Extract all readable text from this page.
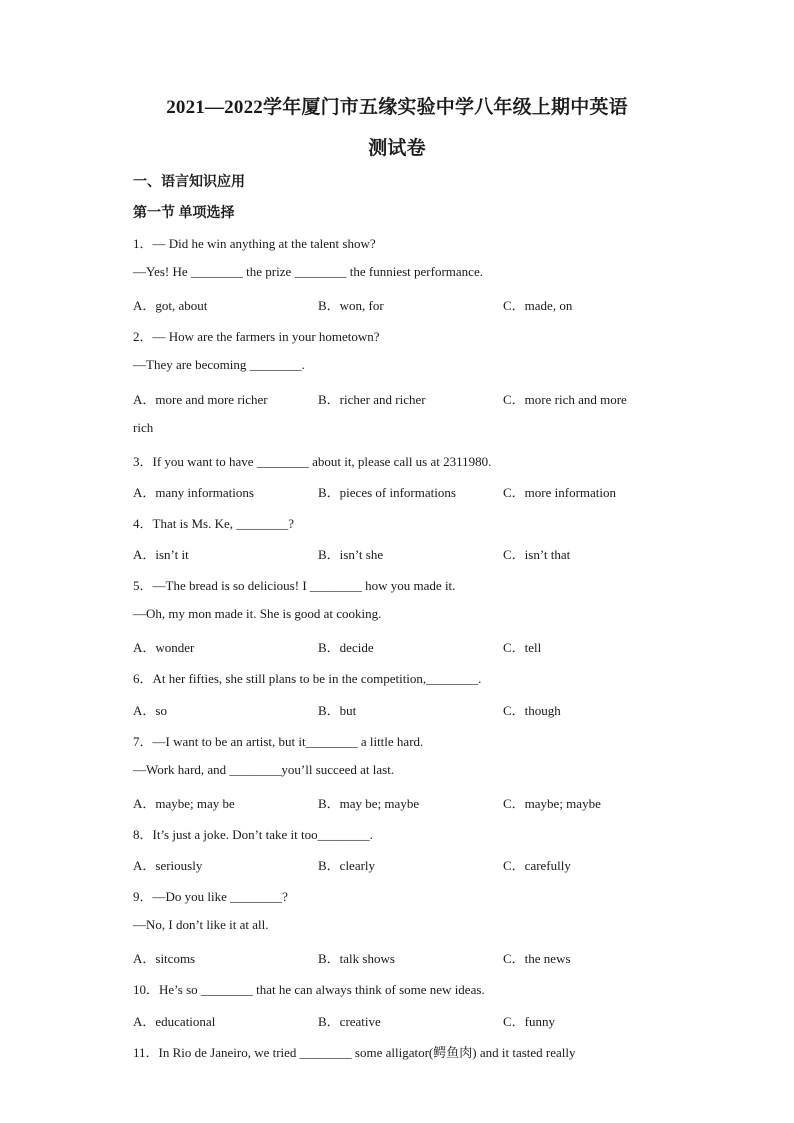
2021—2022学年厦门市五缘实验中学八年级上期中英语
测试卷
一、语言知识应用
第一节 单项选择
1．— Did he win anything at the talent show?
—Yes! He ________ the prize ________ the funniest performance.
A．got, about	B．won, for	C．made, on
2．— How are the farmers in your hometown?
—They are becoming ________.
A．more and more richer	B．richer and richer	C．more rich and more
rich
3．If you want to have ________ about it, please call us at 2311980.
A．many informations	B．pieces of informations	C．more information
4．That is Ms. Ke, ________?
A．isn’t it	B．isn’t she	C．isn’t that
5．—The bread is so delicious! I ________ how you made it.
—Oh, my mon made it. She is good at cooking.
A．wonder	B．decide	C．tell
6．At her fifties, she still plans to be in the competition,________.
A．so	B．but	C．though
7．—I want to be an artist, but it________ a little hard.
—Work hard, and ________you’ll succeed at last.
A．maybe; may be	B．may be; maybe	C．maybe; maybe
8．It’s just a joke. Don’t take it too________.
A．seriously	B．clearly	C．carefully
9．—Do you like ________?
—No, I don’t like it at all.
A．sitcoms	B．talk shows	C．the news
10．He’s so ________ that he can always think of some new ideas.
A．educational	B．creative	C．funny
11．In Rio de Janeiro, we tried ________ some alligator(鳄鱼肉) and it tasted really
